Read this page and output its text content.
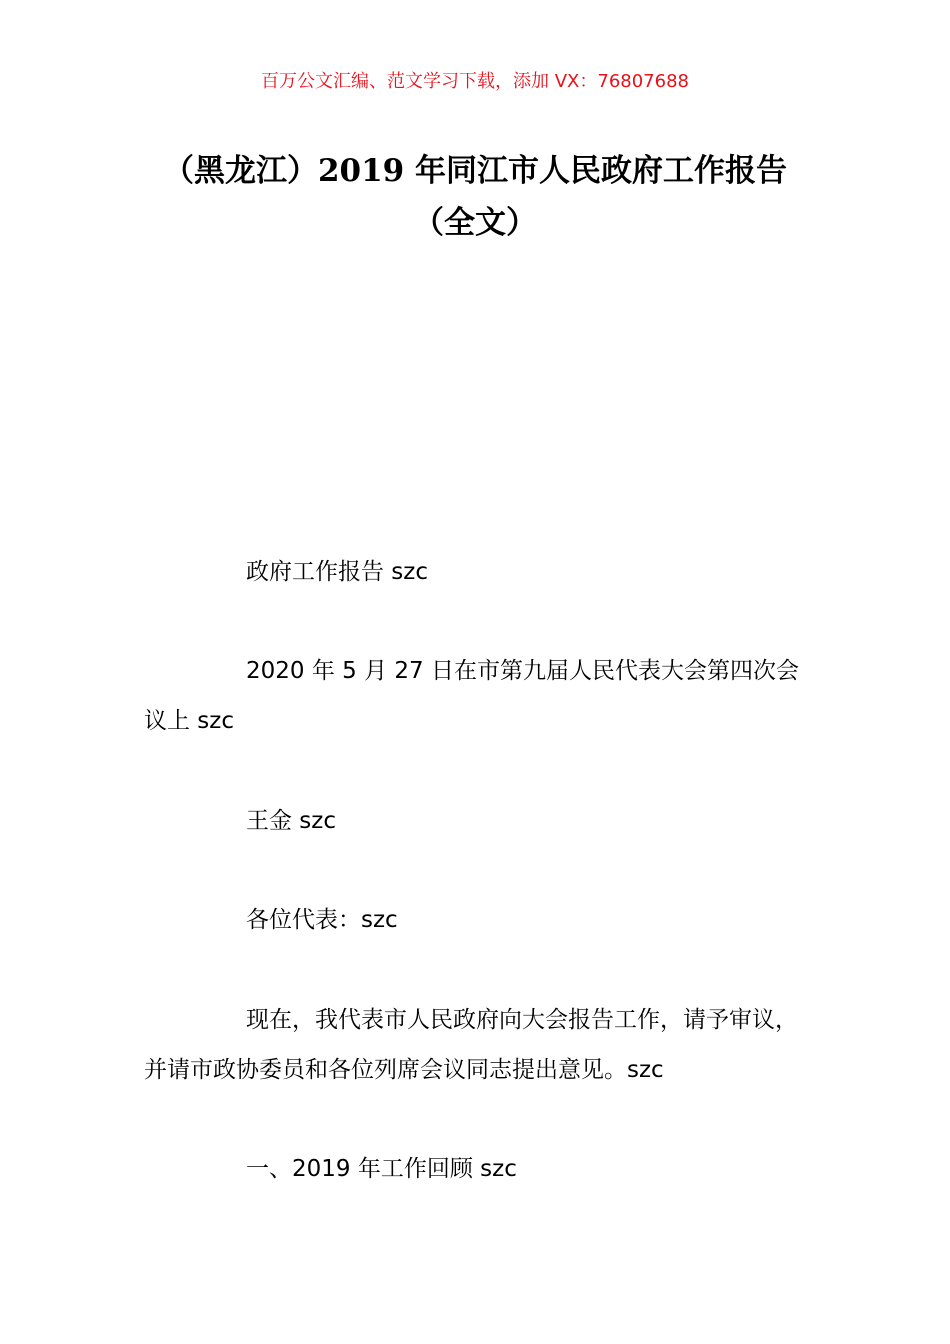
百万公文汇编、范文学习下载，添加 VX：76807688
（黑龙江）2019 年同江市人民政府工作报告（全文）

政府工作报告 szc

2020 年 5 月 27 日在市第九届人民代表大会第四次会议上 szc

王金 szc

各位代表：szc

现在，我代表市人民政府向大会报告工作，请予审议，并请市政协委员和各位列席会议同志提出意见。szc

一、2019 年工作回顾 szc
